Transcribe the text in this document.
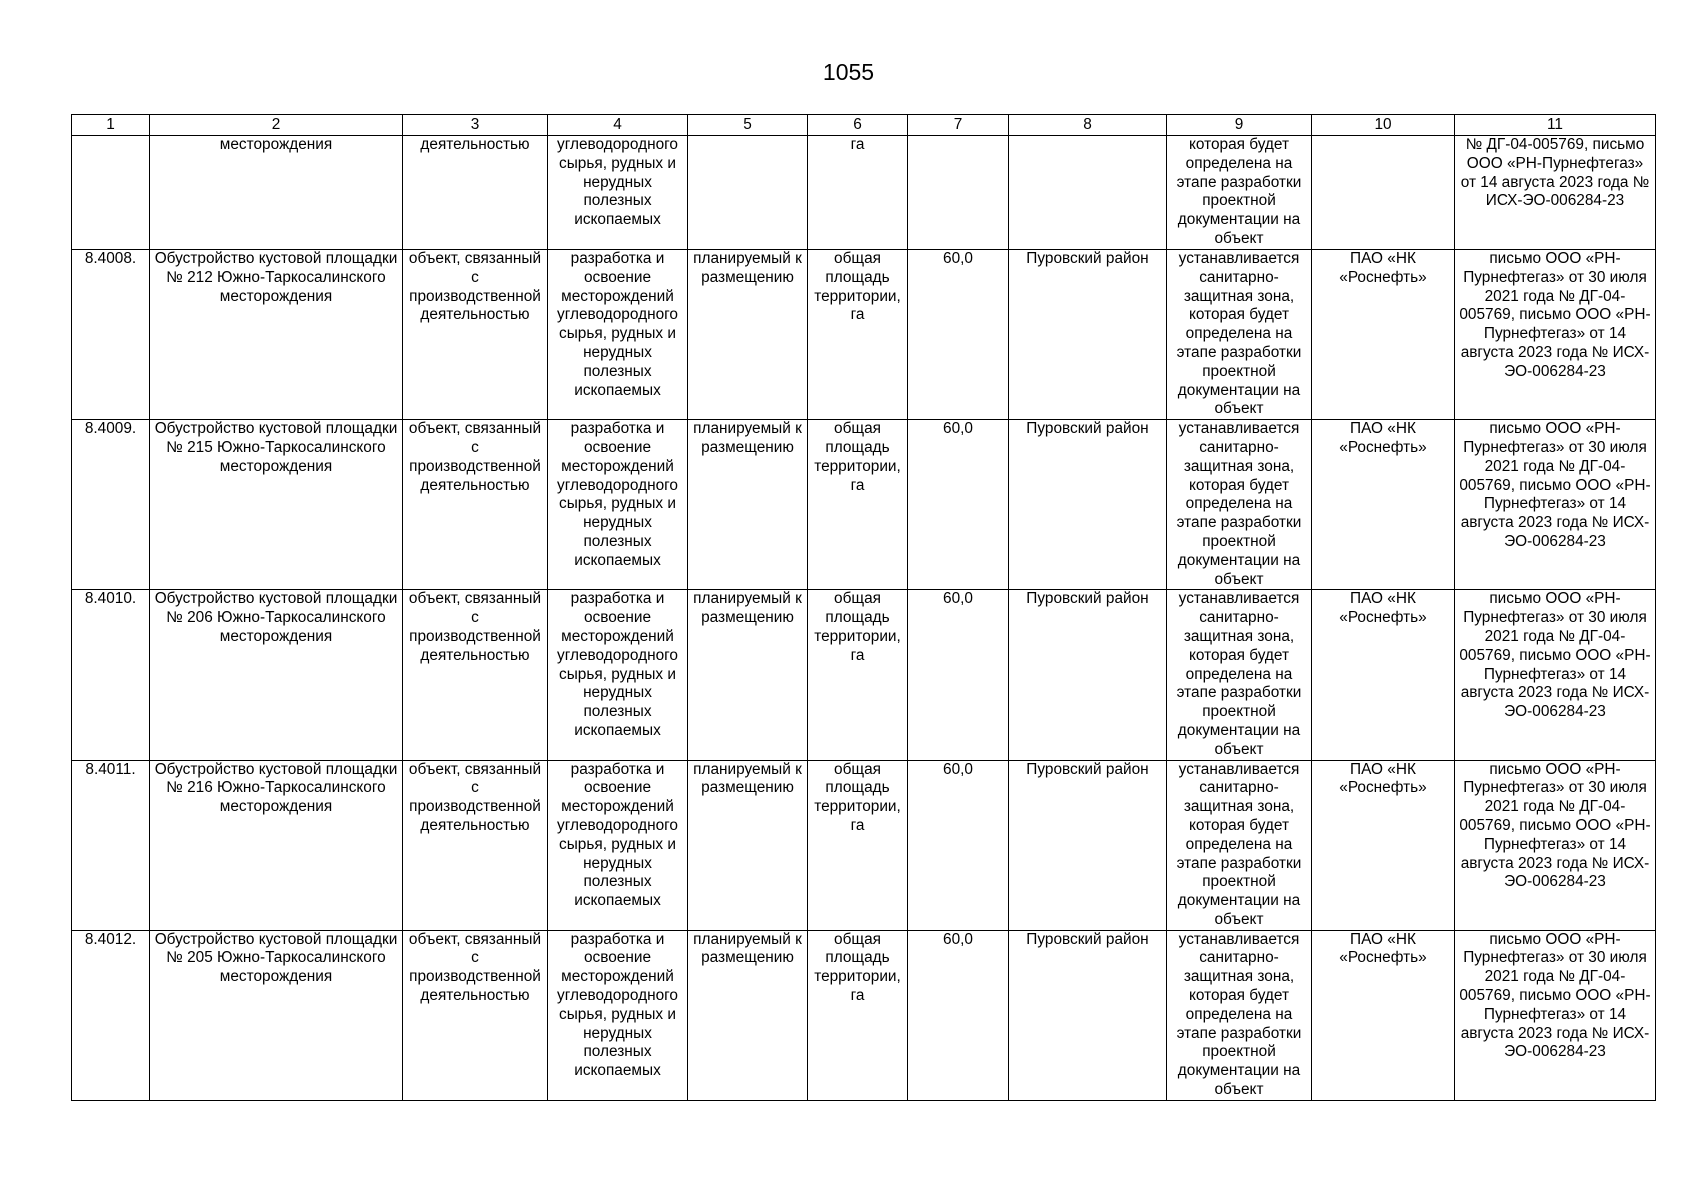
1055
1	2	3	4	5	6	7	8	9	10	11
	месторождения	деятельностью	углеводородного сырья, рудных и нерудных полезных ископаемых		га			которая будет определена на этапе разработки проектной документации на объект		№ ДГ-04-005769, письмо ООО «РН-Пурнефтегаз» от 14 августа 2023 года № ИСХ-ЭО-006284-23
8.4008.	Обустройство кустовой площадки № 212 Южно-Таркосалинского месторождения	объект, связанный с производственной деятельностью	разработка и освоение месторождений углеводородного сырья, рудных и нерудных полезных ископаемых	планируемый к размещению	общая площадь территории, га	60,0	Пуровский район	устанавливается санитарно-защитная зона, которая будет определена на этапе разработки проектной документации на объект	ПАО «НК «Роснефть»	письмо ООО «РН-Пурнефтегаз» от 30 июля 2021 года № ДГ-04-005769, письмо ООО «РН-Пурнефтегаз» от 14 августа 2023 года № ИСХ-ЭО-006284-23
8.4009.	Обустройство кустовой площадки № 215 Южно-Таркосалинского месторождения	объект, связанный с производственной деятельностью	разработка и освоение месторождений углеводородного сырья, рудных и нерудных полезных ископаемых	планируемый к размещению	общая площадь территории, га	60,0	Пуровский район	устанавливается санитарно-защитная зона, которая будет определена на этапе разработки проектной документации на объект	ПАО «НК «Роснефть»	письмо ООО «РН-Пурнефтегаз» от 30 июля 2021 года № ДГ-04-005769, письмо ООО «РН-Пурнефтегаз» от 14 августа 2023 года № ИСХ-ЭО-006284-23
8.4010.	Обустройство кустовой площадки № 206 Южно-Таркосалинского месторождения	объект, связанный с производственной деятельностью	разработка и освоение месторождений углеводородного сырья, рудных и нерудных полезных ископаемых	планируемый к размещению	общая площадь территории, га	60,0	Пуровский район	устанавливается санитарно-защитная зона, которая будет определена на этапе разработки проектной документации на объект	ПАО «НК «Роснефть»	письмо ООО «РН-Пурнефтегаз» от 30 июля 2021 года № ДГ-04-005769, письмо ООО «РН-Пурнефтегаз» от 14 августа 2023 года № ИСХ-ЭО-006284-23
8.4011.	Обустройство кустовой площадки № 216 Южно-Таркосалинского месторождения	объект, связанный с производственной деятельностью	разработка и освоение месторождений углеводородного сырья, рудных и нерудных полезных ископаемых	планируемый к размещению	общая площадь территории, га	60,0	Пуровский район	устанавливается санитарно-защитная зона, которая будет определена на этапе разработки проектной документации на объект	ПАО «НК «Роснефть»	письмо ООО «РН-Пурнефтегаз» от 30 июля 2021 года № ДГ-04-005769, письмо ООО «РН-Пурнефтегаз» от 14 августа 2023 года № ИСХ-ЭО-006284-23
8.4012.	Обустройство кустовой площадки № 205 Южно-Таркосалинского месторождения	объект, связанный с производственной деятельностью	разработка и освоение месторождений углеводородного сырья, рудных и нерудных полезных ископаемых	планируемый к размещению	общая площадь территории, га	60,0	Пуровский район	устанавливается санитарно-защитная зона, которая будет определена на этапе разработки проектной документации на объект	ПАО «НК «Роснефть»	письмо ООО «РН-Пурнефтегаз» от 30 июля 2021 года № ДГ-04-005769, письмо ООО «РН-Пурнефтегаз» от 14 августа 2023 года № ИСХ-ЭО-006284-23
